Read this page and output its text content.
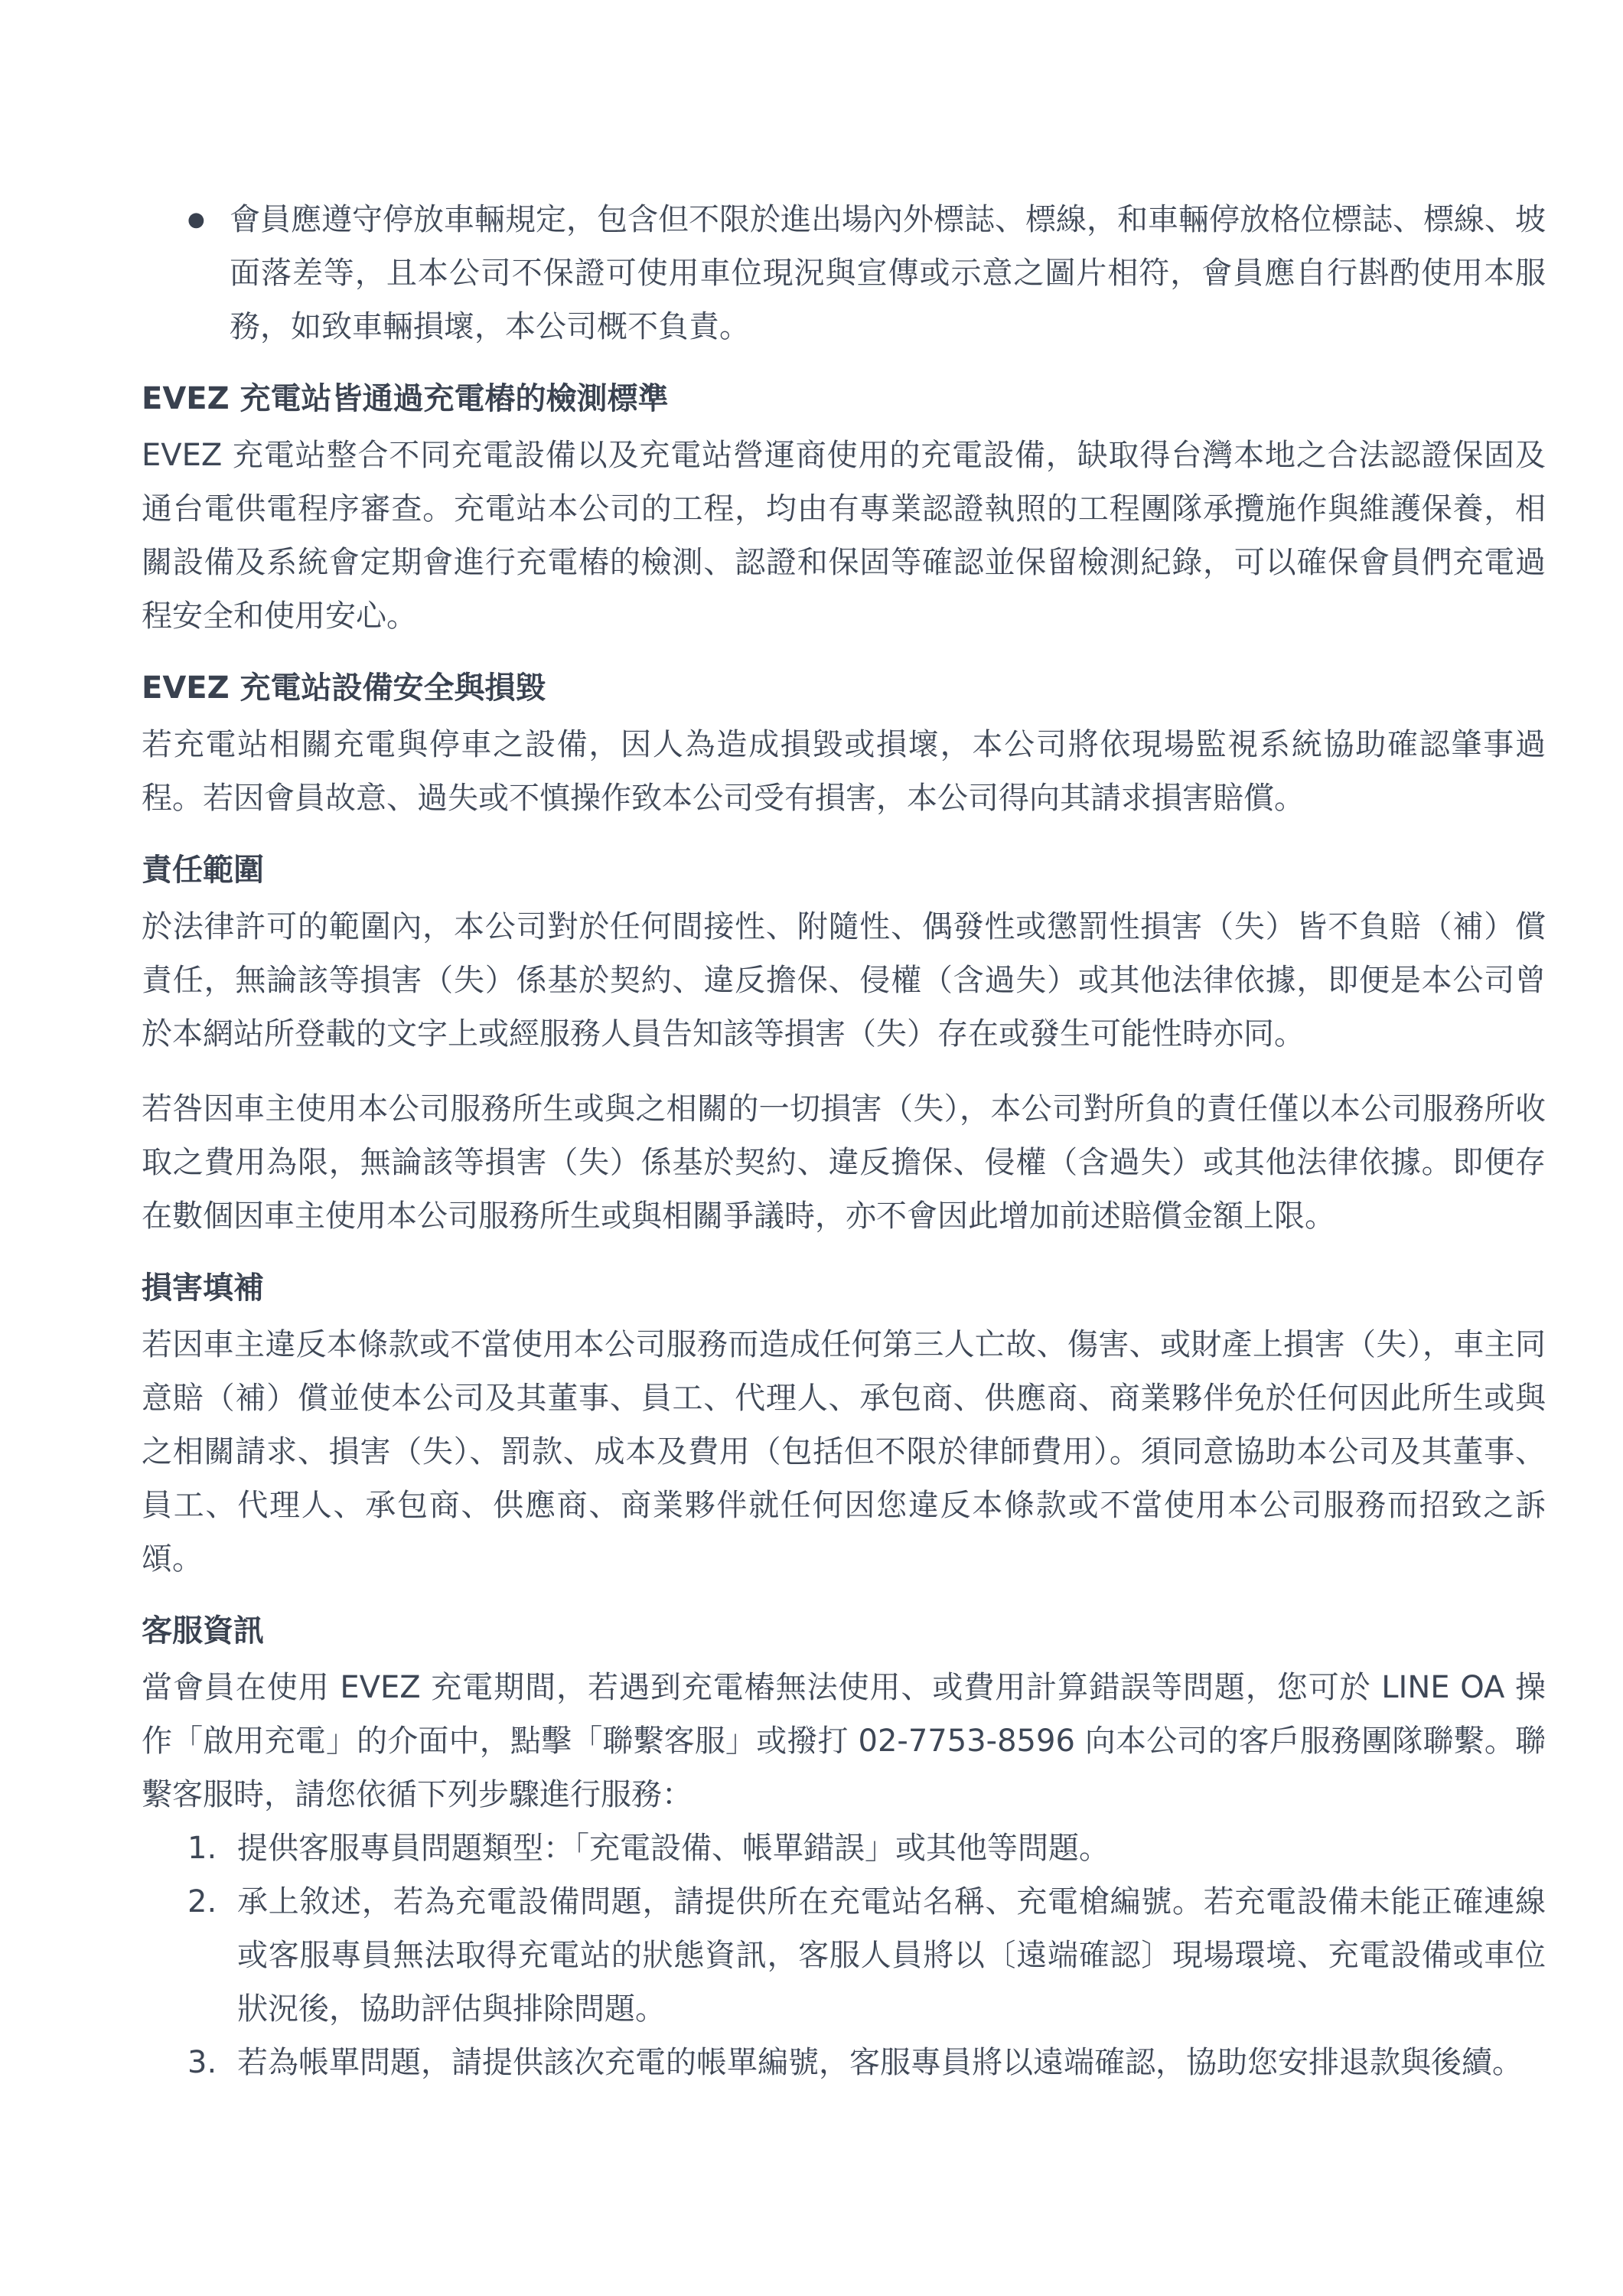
● 會員應遵守停放車輛規定，包含但不限於進出場內外標誌、標線，和車輛停放格位標誌、標線、坡面落差等，且本公司不保證可使用車位現況與宣傳或示意之圖片相符，會員應自行斟酌使用本服務，如致車輛損壞，本公司概不負責。

EVEZ 充電站皆通過充電樁的檢測標準

EVEZ 充電站整合不同充電設備以及充電站營運商使用的充電設備，缺取得台灣本地之合法認證保固及通台電供電程序審查。充電站本公司的工程，均由有專業認證執照的工程團隊承攬施作與維護保養，相關設備及系統會定期會進行充電樁的檢測、認證和保固等確認並保留檢測紀錄，可以確保會員們充電過程安全和使用安心。

EVEZ 充電站設備安全與損毀

若充電站相關充電與停車之設備，因人為造成損毀或損壞，本公司將依現場監視系統協助確認肇事過程。若因會員故意、過失或不慎操作致本公司受有損害，本公司得向其請求損害賠償。

責任範圍

於法律許可的範圍內，本公司對於任何間接性、附隨性、偶發性或懲罰性損害（失）皆不負賠（補）償責任，無論該等損害（失）係基於契約、違反擔保、侵權（含過失）或其他法律依據，即便是本公司曾於本網站所登載的文字上或經服務人員告知該等損害（失）存在或發生可能性時亦同。

若咎因車主使用本公司服務所生或與之相關的一切損害（失），本公司對所負的責任僅以本公司服務所收取之費用為限，無論該等損害（失）係基於契約、違反擔保、侵權（含過失）或其他法律依據。即便存在數個因車主使用本公司服務所生或與相關爭議時，亦不會因此增加前述賠償金額上限。

損害填補

若因車主違反本條款或不當使用本公司服務而造成任何第三人亡故、傷害、或財產上損害（失），車主同意賠（補）償並使本公司及其董事、員工、代理人、承包商、供應商、商業夥伴免於任何因此所生或與之相關請求、損害（失）、罰款、成本及費用（包括但不限於律師費用）。須同意協助本公司及其董事、員工、代理人、承包商、供應商、商業夥伴就任何因您違反本條款或不當使用本公司服務而招致之訴頌。

客服資訊

當會員在使用 EVEZ 充電期間，若遇到充電樁無法使用、或費用計算錯誤等問題，您可於 LINE OA 操作「啟用充電」的介面中，點擊「聯繫客服」或撥打 02-7753-8596 向本公司的客戶服務團隊聯繫。聯繫客服時，請您依循下列步驟進行服務：

1. 提供客服專員問題類型：「充電設備、帳單錯誤」或其他等問題。

2. 承上敘述，若為充電設備問題，請提供所在充電站名稱、充電槍編號。若充電設備未能正確連線或客服專員無法取得充電站的狀態資訊，客服人員將以〔遠端確認〕現場環境、充電設備或車位狀況後，協助評估與排除問題。

3. 若為帳單問題，請提供該次充電的帳單編號，客服專員將以遠端確認，協助您安排退款與後續。
